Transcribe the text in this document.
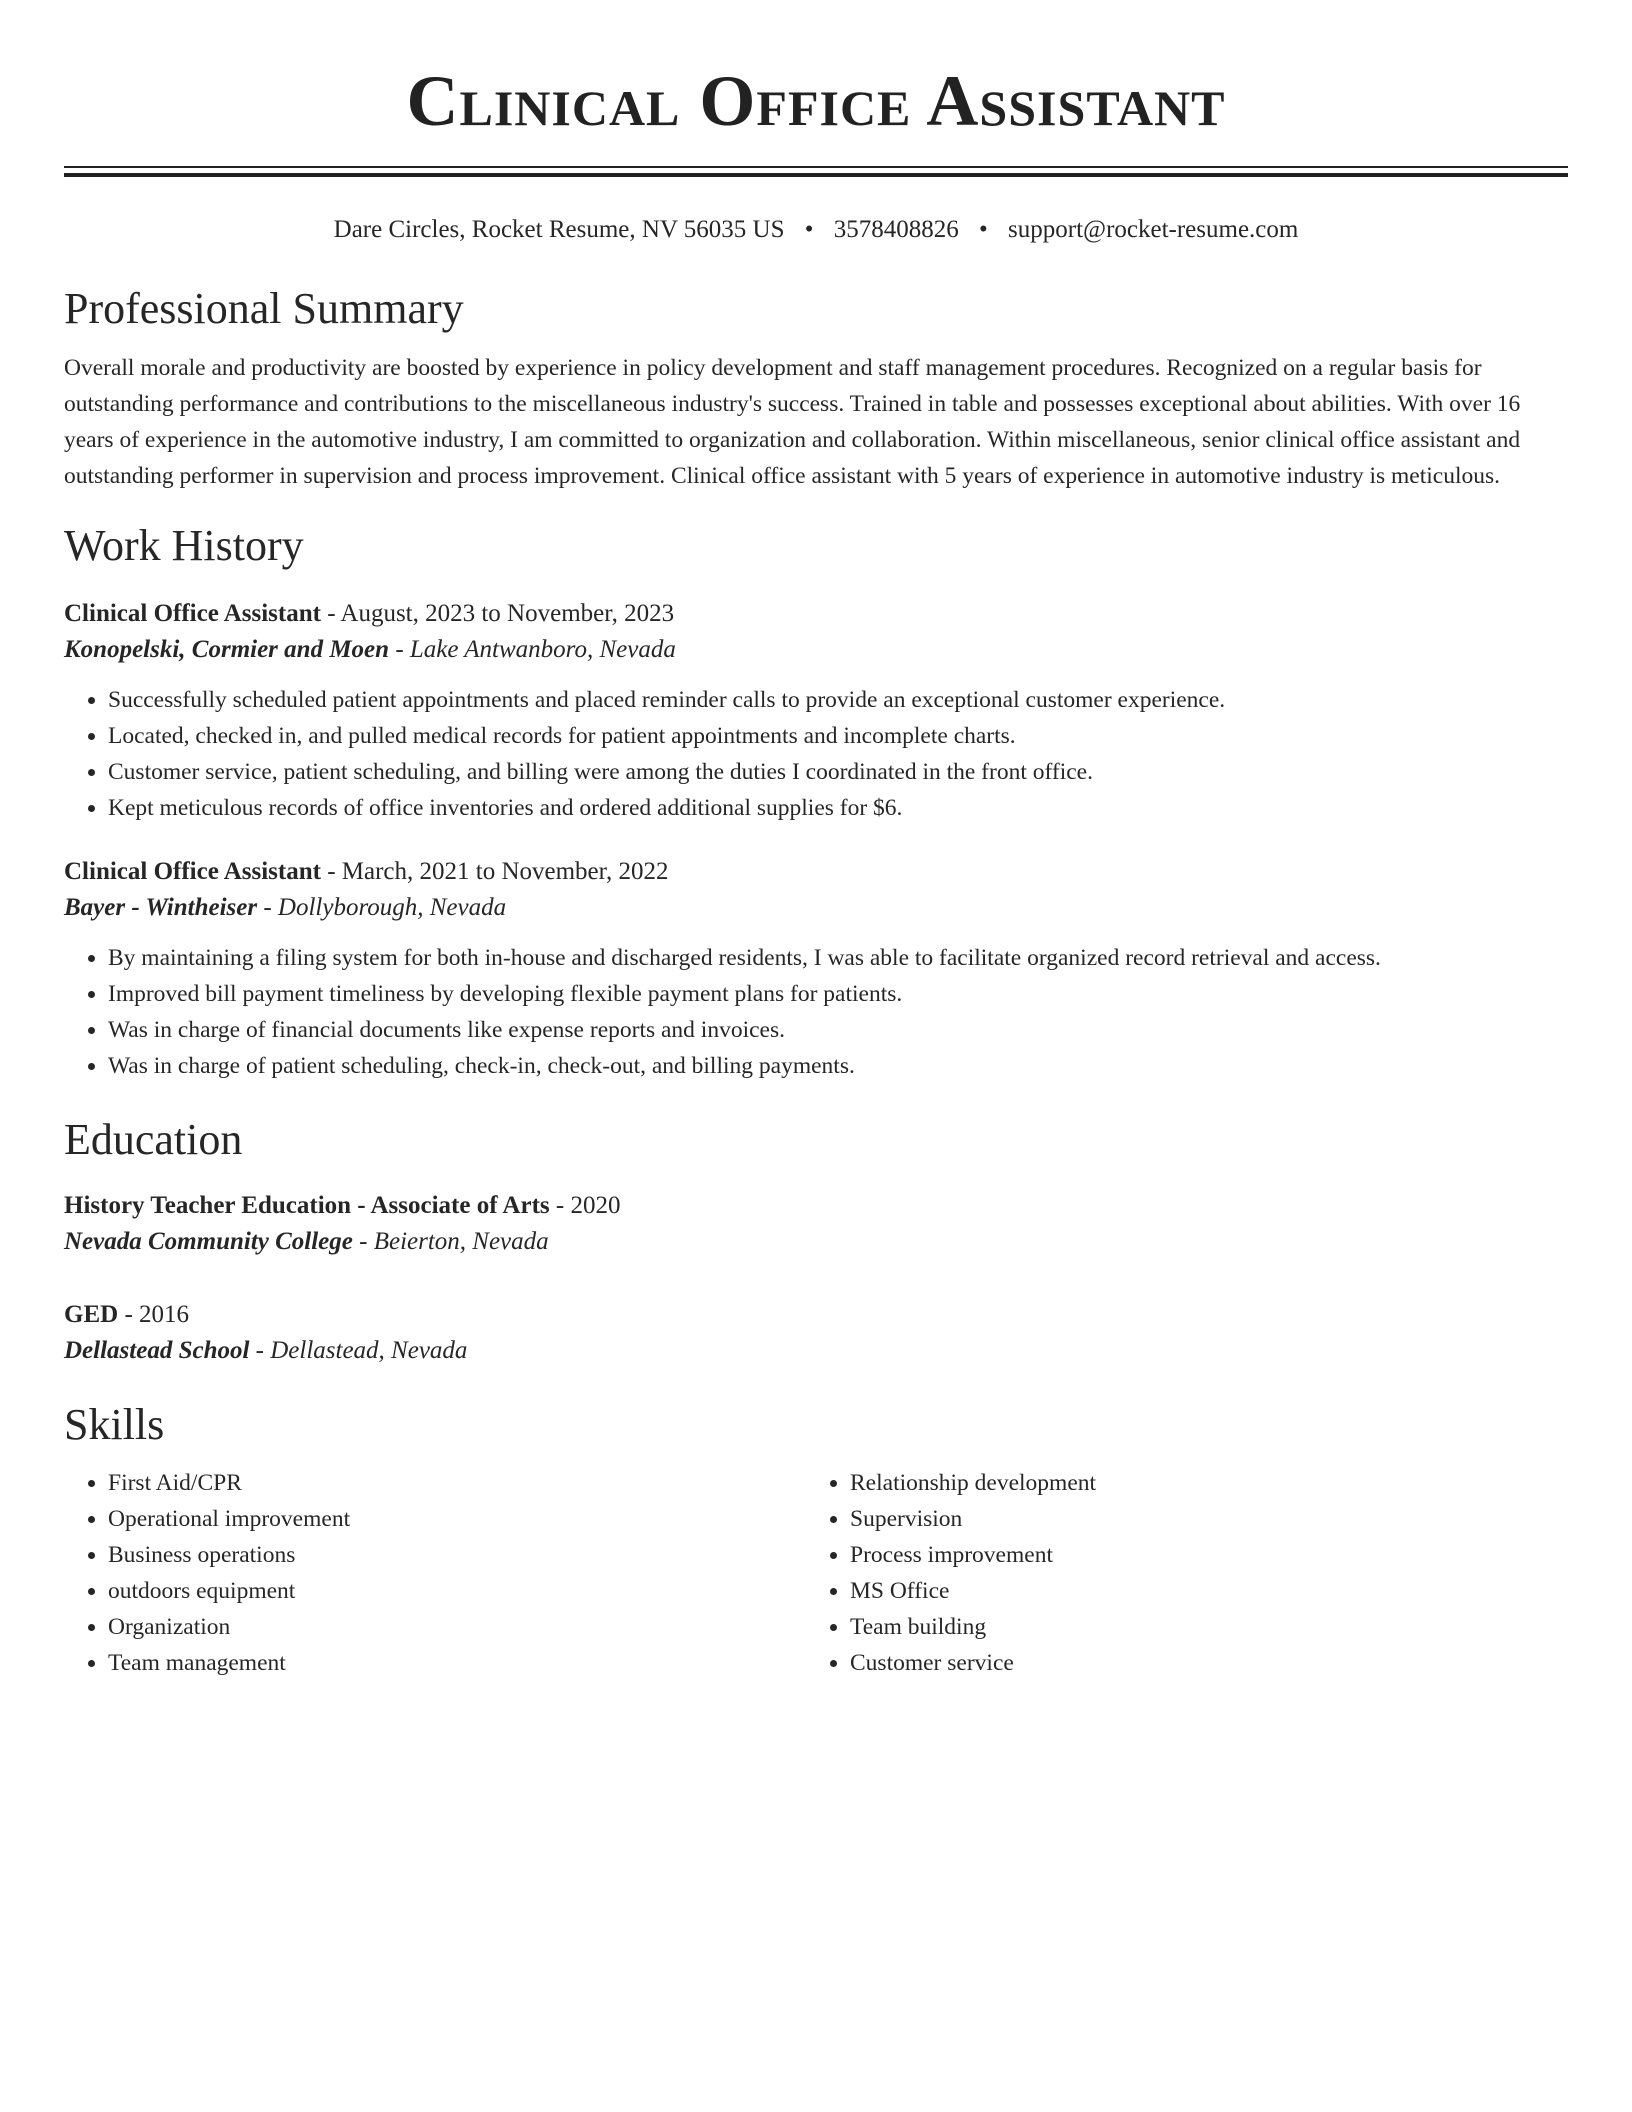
Clinical Office Assistant
Dare Circles, Rocket Resume, NV 56035 US • 3578408826 • support@rocket-resume.com
Professional Summary
Overall morale and productivity are boosted by experience in policy development and staff management procedures. Recognized on a regular basis for outstanding performance and contributions to the miscellaneous industry's success. Trained in table and possesses exceptional about abilities. With over 16 years of experience in the automotive industry, I am committed to organization and collaboration. Within miscellaneous, senior clinical office assistant and outstanding performer in supervision and process improvement. Clinical office assistant with 5 years of experience in automotive industry is meticulous.
Work History
Clinical Office Assistant - August, 2023 to November, 2023
Konopelski, Cormier and Moen - Lake Antwanboro, Nevada
• Successfully scheduled patient appointments and placed reminder calls to provide an exceptional customer experience.
• Located, checked in, and pulled medical records for patient appointments and incomplete charts.
• Customer service, patient scheduling, and billing were among the duties I coordinated in the front office.
• Kept meticulous records of office inventories and ordered additional supplies for $6.
Clinical Office Assistant - March, 2021 to November, 2022
Bayer - Wintheiser - Dollyborough, Nevada
• By maintaining a filing system for both in-house and discharged residents, I was able to facilitate organized record retrieval and access.
• Improved bill payment timeliness by developing flexible payment plans for patients.
• Was in charge of financial documents like expense reports and invoices.
• Was in charge of patient scheduling, check-in, check-out, and billing payments.
Education
History Teacher Education - Associate of Arts - 2020
Nevada Community College - Beierton, Nevada
GED - 2016
Dellastead School - Dellastead, Nevada
Skills
• First Aid/CPR
• Operational improvement
• Business operations
• outdoors equipment
• Organization
• Team management
• Relationship development
• Supervision
• Process improvement
• MS Office
• Team building
• Customer service
